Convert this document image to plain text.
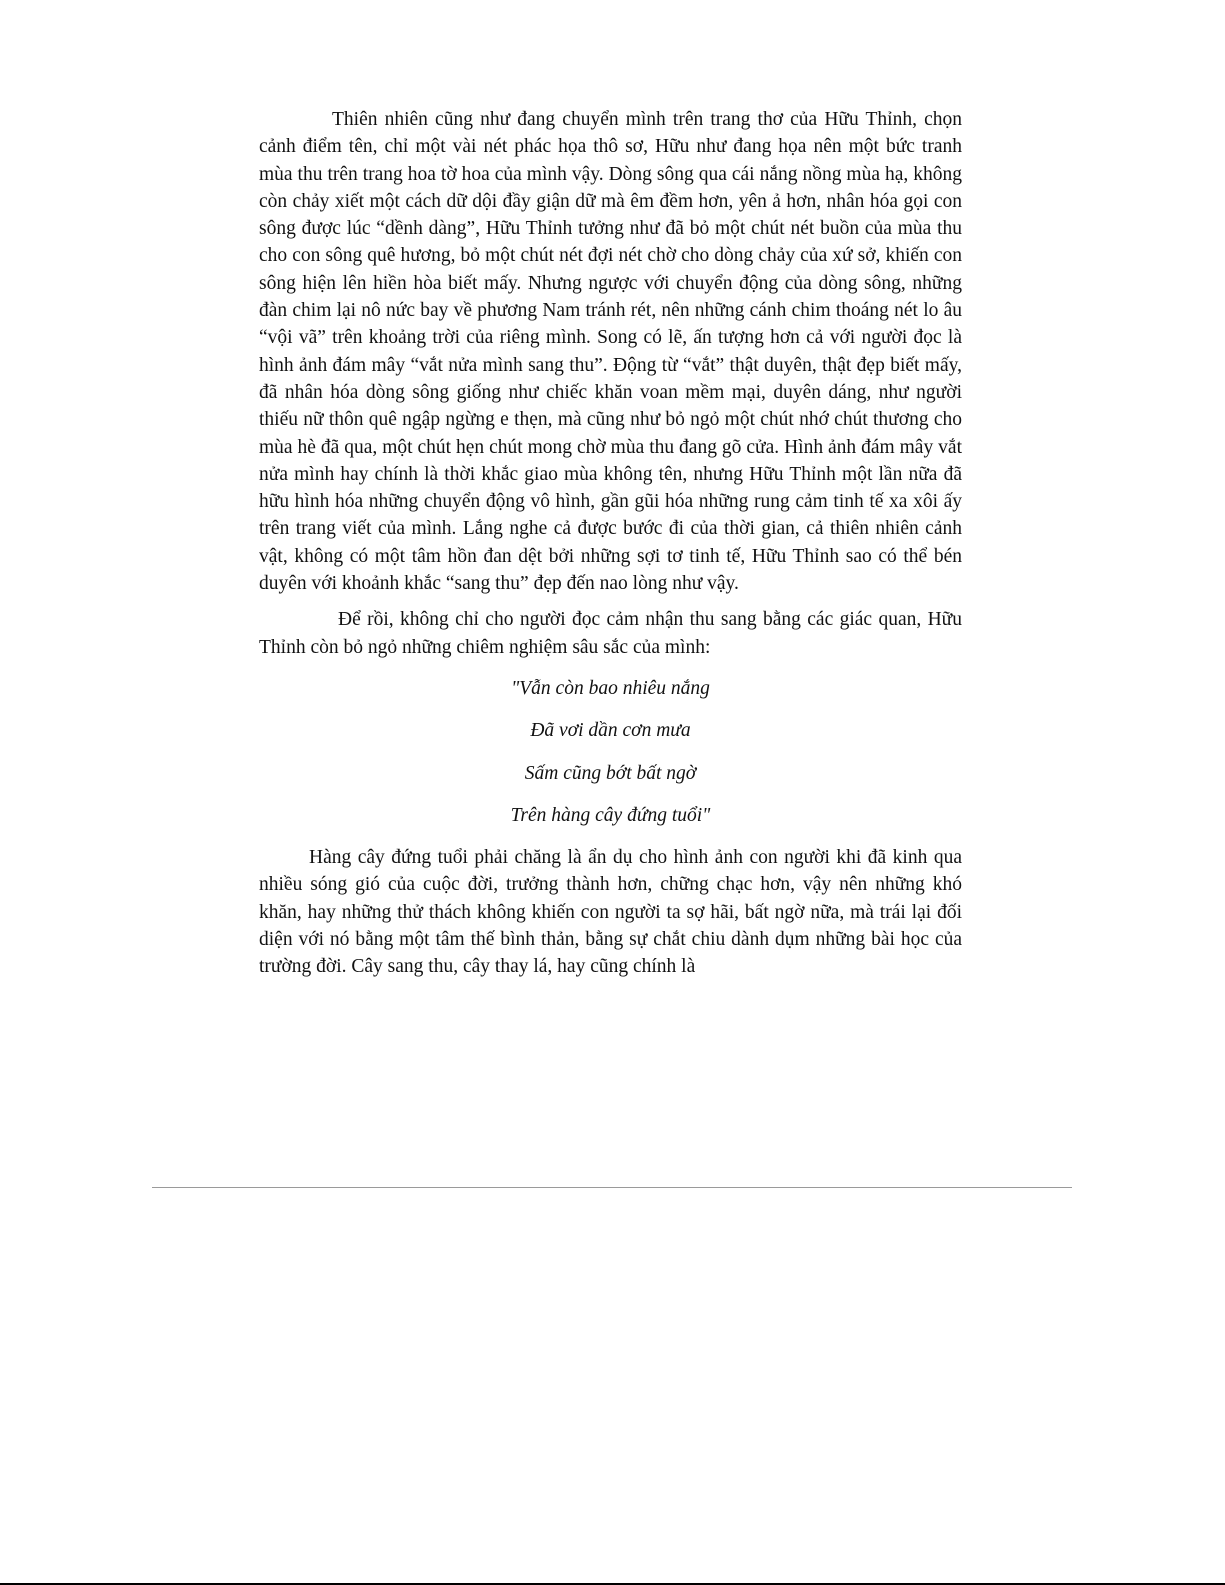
Thiên nhiên cũng như đang chuyển mình trên trang thơ của Hữu Thỉnh, chọn cảnh điểm tên, chỉ một vài nét phác họa thô sơ, Hữu như đang họa nên một bức tranh mùa thu trên trang hoa tờ hoa của mình vậy. Dòng sông qua cái nắng nồng mùa hạ, không còn chảy xiết một cách dữ dội đầy giận dữ mà êm đềm hơn, yên ả hơn, nhân hóa gọi con sông được lúc “dềnh dàng”, Hữu Thỉnh tưởng như đã bỏ một chút nét buồn của mùa thu cho con sông quê hương, bỏ một chút nét đợi nét chờ cho dòng chảy của xứ sở, khiến con sông hiện lên hiền hòa biết mấy. Nhưng ngược với chuyển động của dòng sông, những đàn chim lại nô nức bay về phương Nam tránh rét, nên những cánh chim thoáng nét lo âu “vội vã” trên khoảng trời của riêng mình. Song có lẽ, ấn tượng hơn cả với người đọc là hình ảnh đám mây “vắt nửa mình sang thu”. Động từ “vắt” thật duyên, thật đẹp biết mấy, đã nhân hóa dòng sông giống như chiếc khăn voan mềm mại, duyên dáng, như người thiếu nữ thôn quê ngập ngừng e thẹn, mà cũng như bỏ ngỏ một chút nhớ chút thương cho mùa hè đã qua, một chút hẹn chút mong chờ mùa thu đang gõ cửa. Hình ảnh đám mây vắt nửa mình hay chính là thời khắc giao mùa không tên, nhưng Hữu Thỉnh một lần nữa đã hữu hình hóa những chuyển động vô hình, gần gũi hóa những rung cảm tinh tế xa xôi ấy trên trang viết của mình. Lắng nghe cả được bước đi của thời gian, cả thiên nhiên cảnh vật, không có một tâm hồn đan dệt bởi những sợi tơ tinh tế, Hữu Thỉnh sao có thể bén duyên với khoảnh khắc “sang thu” đẹp đến nao lòng như vậy.

Để rồi, không chỉ cho người đọc cảm nhận thu sang bằng các giác quan, Hữu Thỉnh còn bỏ ngỏ những chiêm nghiệm sâu sắc của mình:

"Vẫn còn bao nhiêu nắng
Đã vơi dần cơn mưa
Sấm cũng bớt bất ngờ
Trên hàng cây đứng tuổi"

Hàng cây đứng tuổi phải chăng là ẩn dụ cho hình ảnh con người khi đã kinh qua nhiều sóng gió của cuộc đời, trưởng thành hơn, chững chạc hơn, vậy nên những khó khăn, hay những thử thách không khiến con người ta sợ hãi, bất ngờ nữa, mà trái lại đối diện với nó bằng một tâm thế bình thản, bằng sự chắt chiu dành dụm những bài học của trường đời. Cây sang thu, cây thay lá, hay cũng chính là
